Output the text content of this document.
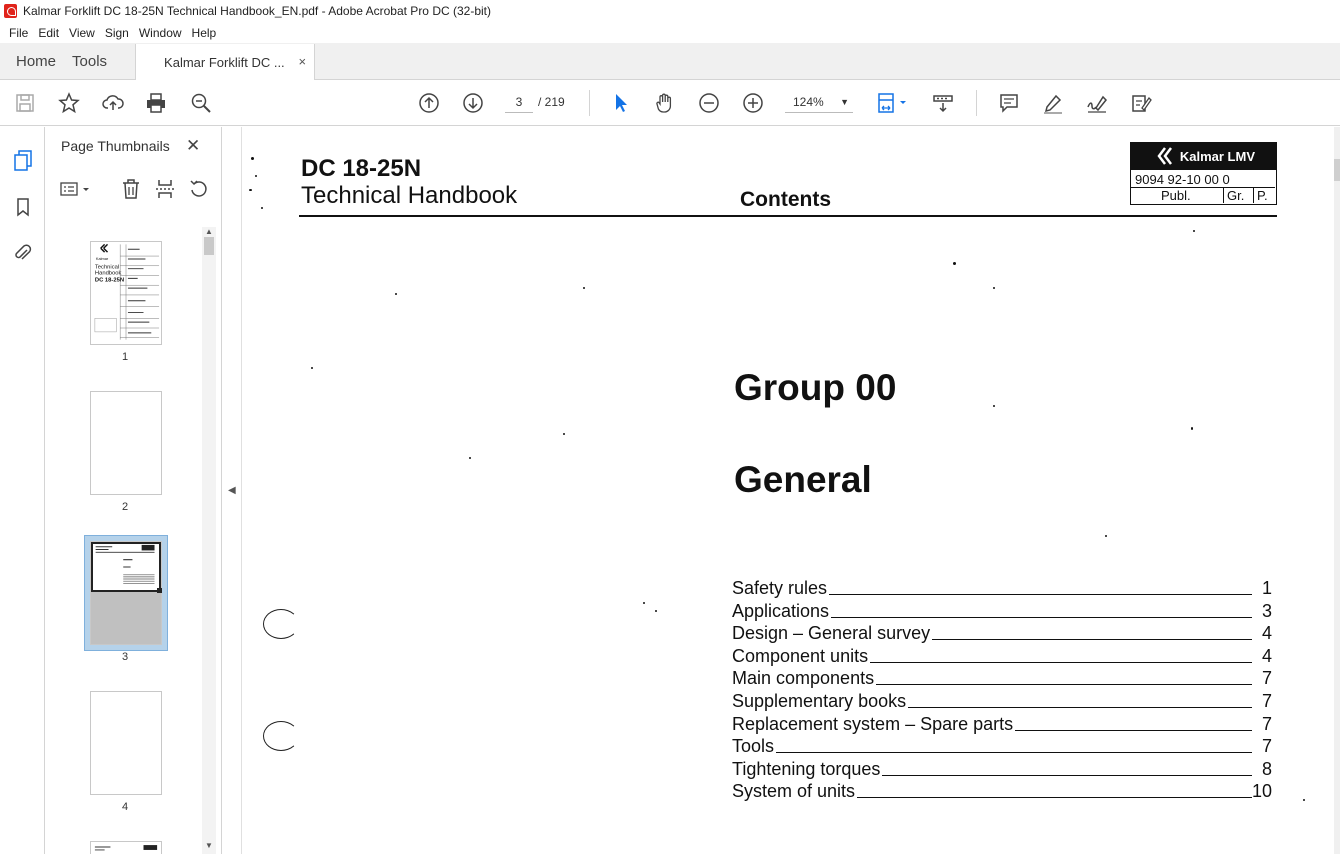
Kalmar Forklift DC 18-25N Technical Handbook_EN.pdf - Adobe Acrobat Pro DC (32-bit)
File Edit View Sign Window Help
Home	Tools	Kalmar Forklift DC ... ×
3	/ 219	124% ▼
Page Thumbnails ✕
Kalmar
Technical
Handbook
DC 18-25N
1
2
3
4
▲
▼
◀
DC 18-25N
Technical Handbook	Contents
Kalmar LMV
9094 92-10 00 0
Publ.	Gr. P.
Group 00
General
Safety rules	1
Applications	3
Design – General survey	4
Component units	4
Main components	7
Supplementary books	7
Replacement system – Spare parts	7
Tools	7
Tightening torques	8
System of units	10
